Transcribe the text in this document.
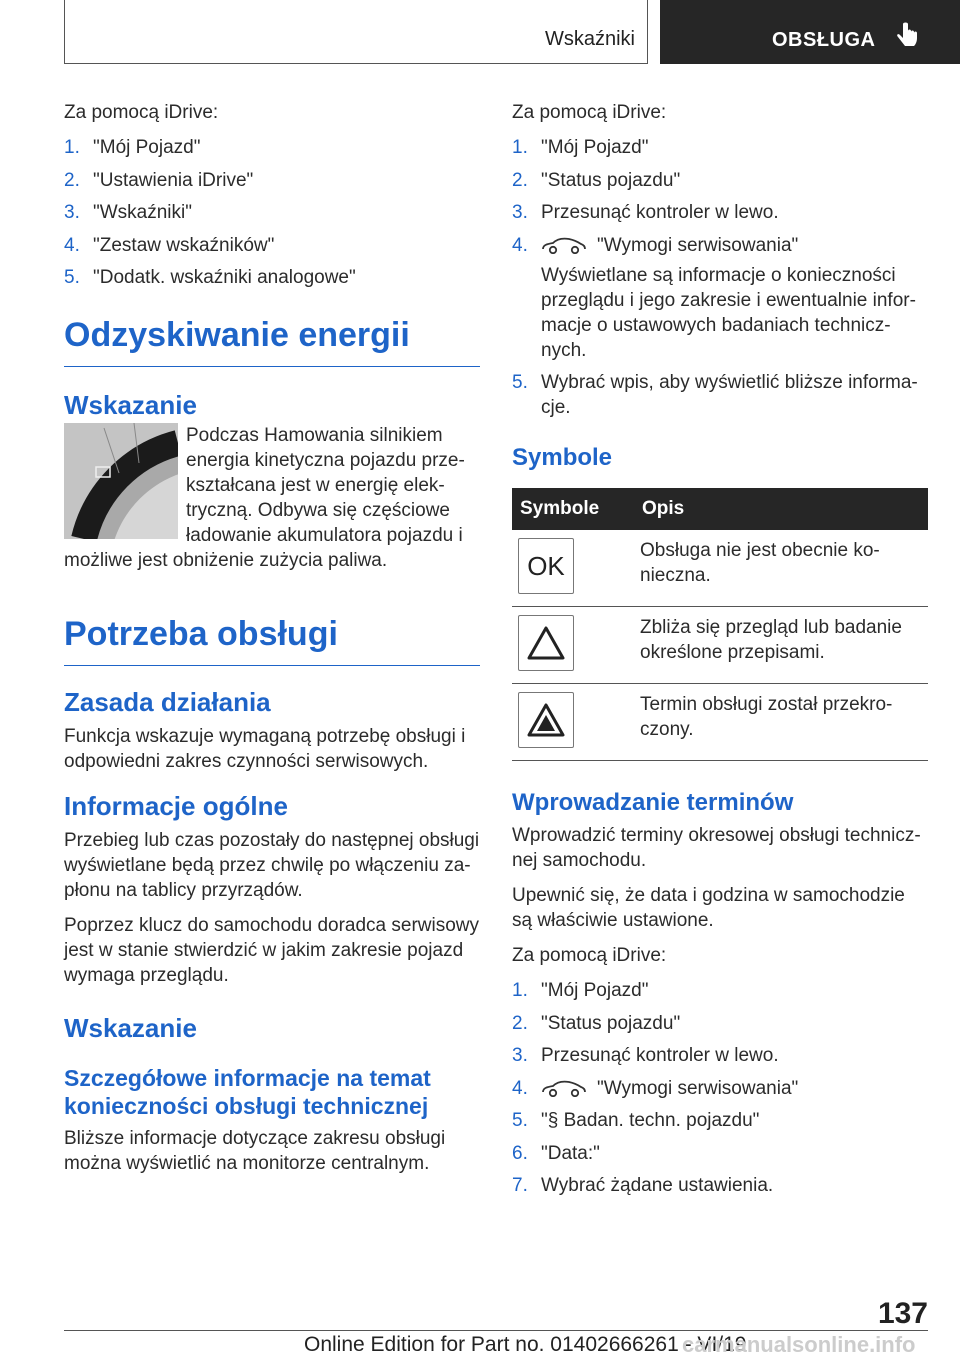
Wskaźniki	OBSŁUGA

Za pomocą iDrive:

1. "Mój Pojazd"
2. "Ustawienia iDrive"
3. "Wskaźniki"
4. "Zestaw wskaźników"
5. "Dodatk. wskaźniki analogowe"
Odzyskiwanie energii
Wskazanie

Podczas Hamowania silnikiem energia kinetyczna pojazdu prze- kształcana jest w energię elek- tryczną. Odbywa się częściowe ładowanie akumulatora pojazdu i możliwe jest obniżenie zużycia paliwa.

Potrzeba obsługi
Zasada działania

Funkcja wskazuje wymaganą potrzebę obsługi i odpowiedni zakres czynności serwisowych.

Informacje ogólne

Przebieg lub czas pozostały do następnej obsługi wyświetlane będą przez chwilę po włączeniu za- płonu na tablicy przyrządów.

Poprzez klucz do samochodu doradca serwisowy jest w stanie stwierdzić w jakim zakresie pojazd wymaga przeglądu.

Wskazanie
Szczegółowe informacje na temat konieczności obsługi technicznej

Bliższe informacje dotyczące zakresu obsługi można wyświetlić na monitorze centralnym.

Za pomocą iDrive:

1. "Mój Pojazd"
2. "Status pojazdu"
3. Przesunąć kontroler w lewo.
4.	"Wymogi serwisowania"
Wyświetlane są informacje o konieczności przeglądu i jego zakresie i ewentualnie infor- macje o ustawowych badaniach technicz- nych.
5. Wybrać wpis, aby wyświetlić bliższe informa- cje.
Symbole
Symbole	Opis

OK	Obsługa nie jest obecnie ko- nieczna.

	Zbliża się przegląd lub badanie określone przepisami.

	Termin obsługi został przekro- czony.
Wprowadzanie terminów

Wprowadzić terminy okresowej obsługi technicz- nej samochodu.

Upewnić się, że data i godzina w samochodzie są właściwie ustawione.

Za pomocą iDrive:

1. "Mój Pojazd"
2. "Status pojazdu"
3. Przesunąć kontroler w lewo.
4.	"Wymogi serwisowania"
5. "§ Badan. techn. pojazdu"
6. "Data:"
7. Wybrać żądane ustawienia.
137
Online Edition for Part no. 01402666261 - VI/19
carmanualsonline.info
